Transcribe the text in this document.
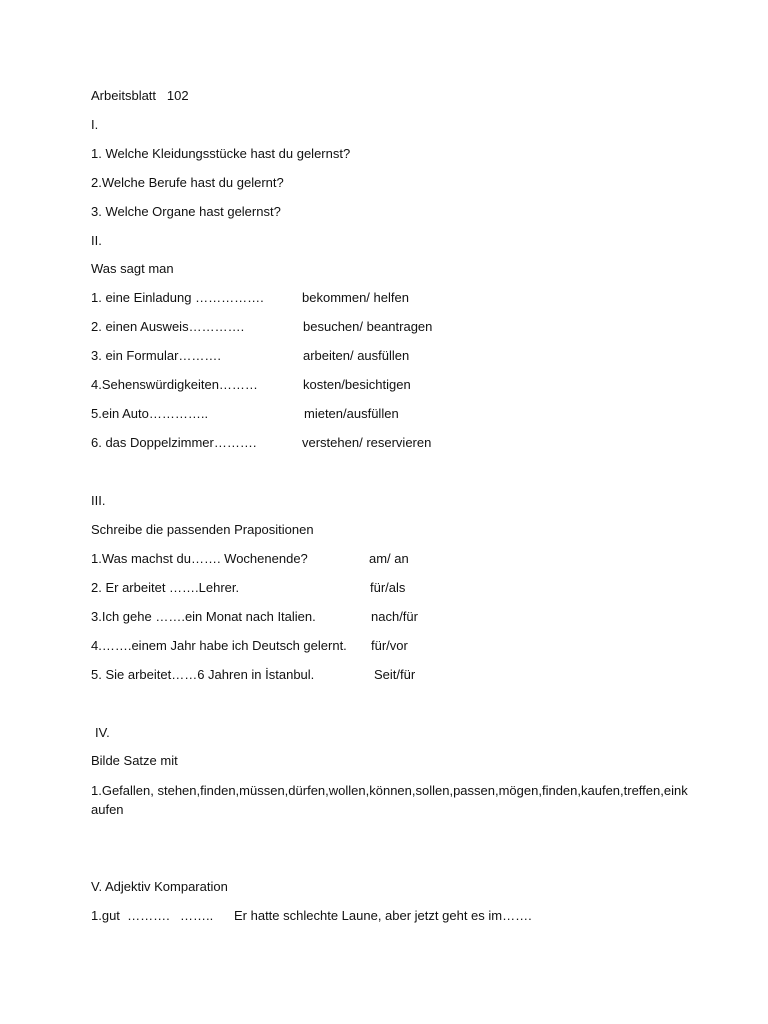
Arbeitsblatt   102
I.
1. Welche Kleidungsstücke hast du gelernst?
2.Welche Berufe hast du gelernt?
3. Welche Organe hast gelernst?
II.
Was sagt man
1. eine Einladung …………….	bekommen/ helfen
2. einen Ausweis………….	besuchen/ beantragen
3. ein Formular……….	arbeiten/ ausfüllen
4.Sehenswürdigkeiten………	kosten/besichtigen
5.ein Auto…………..	mieten/ausfüllen
6. das Doppelzimmer……….	verstehen/ reservieren
III.
Schreibe die passenden Prapositionen
1.Was machst du……. Wochenende?	am/ an
2. Er arbeitet …….Lehrer.	für/als
3.Ich gehe …….ein Monat nach Italien.	nach/für
4.…….einem Jahr habe ich Deutsch gelernt. für/vor
5. Sie arbeitet……6 Jahren in İstanbul.	Seit/für
IV.
Bilde Satze mit
1.Gefallen, stehen,finden,müssen,dürfen,wollen,können,sollen,passen,mögen,finden,kaufen,treffen,einkaufen
V. Adjektiv Komparation
1.gut  ………. …….. Er hatte schlechte Laune, aber jetzt geht es im…….
